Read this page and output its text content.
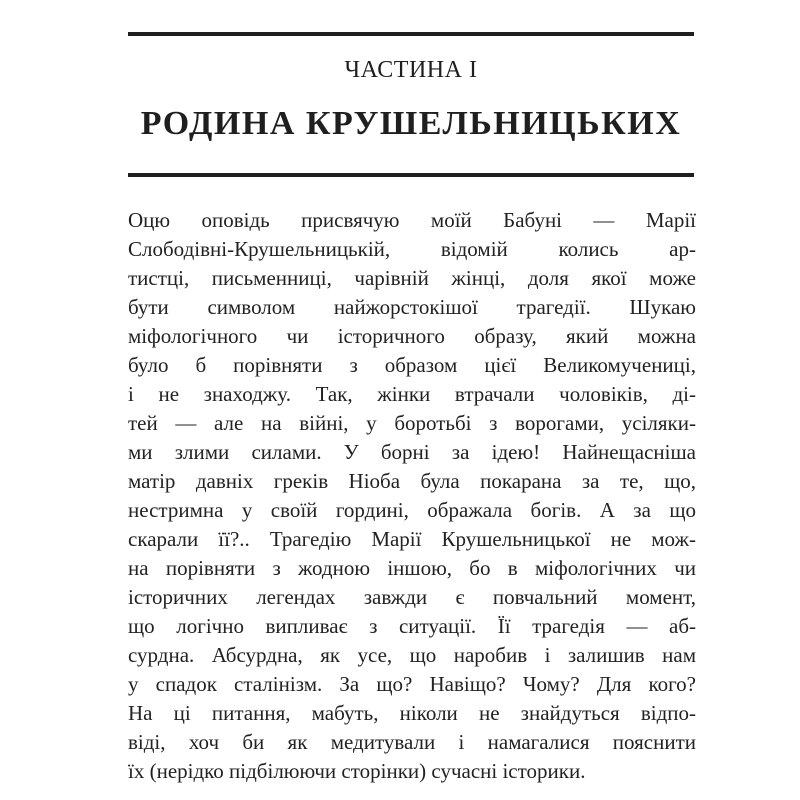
ЧАСТИНА І
РОДИНА КРУШЕЛЬНИЦЬКИХ
Оцю оповідь присвячую моїй Бабуні — Марії
Слободівні-Крушельницькій, відомій колись ар-
тистці, письменниці, чарівній жінці, доля якої може
бути символом найжорстокішої трагедії. Шукаю
міфологічного чи історичного образу, який можна
було б порівняти з образом цієї Великомучениці,
і не знаходжу. Так, жінки втрачали чоловіків, ді-
тей — але на війні, у боротьбі з ворогами, усіляки-
ми злими силами. У борні за ідею! Найнещасніша
матір давніх греків Ніоба була покарана за те, що,
нестримна у своїй гордині, ображала богів. А за що
скарали її?.. Трагедію Марії Крушельницької не мож-
на порівняти з жодною іншою, бо в міфологічних чи
історичних легендах завжди є повчальний момент,
що логічно випливає з ситуації. Її трагедія — аб-
сурдна. Абсурдна, як усе, що наробив і залишив нам
у спадок сталінізм. За що? Навіщо? Чому? Для кого?
На ці питання, мабуть, ніколи не знайдуться відпо-
віді, хоч би як медитували і намагалися пояснити
їх (нерідко підбілюючи сторінки) сучасні історики.
